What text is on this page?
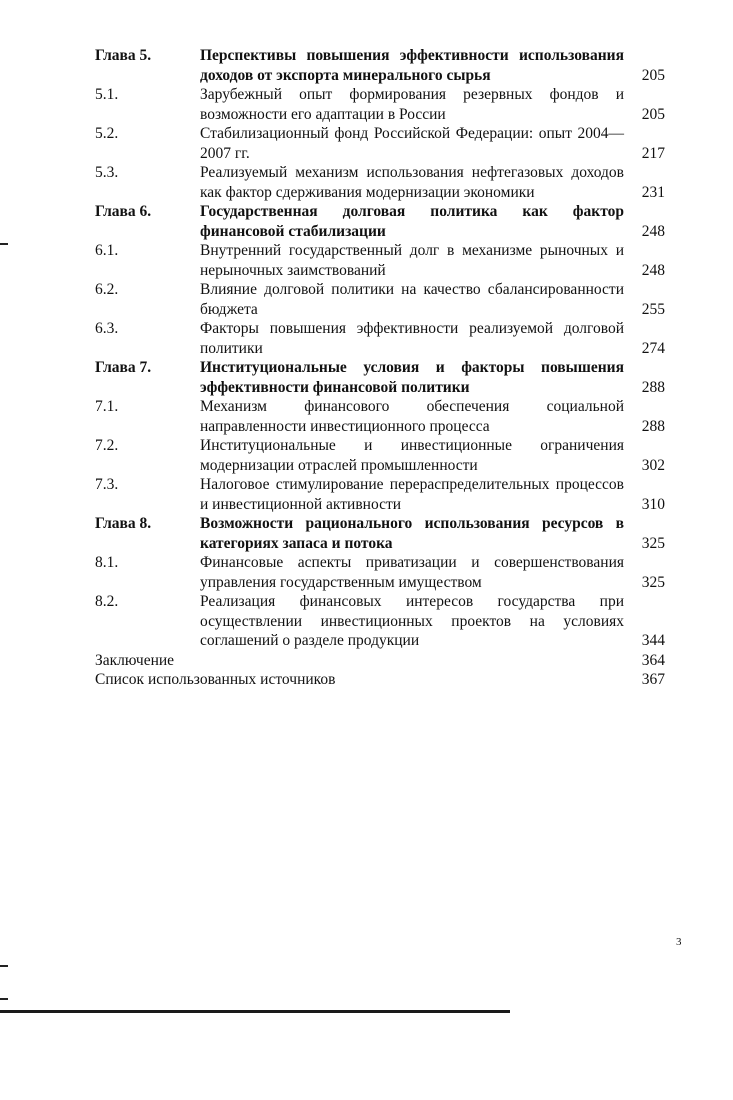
Глава 5.	Перспективы повышения эффективности использования доходов от экспорта минерального сырья	205
5.1.	Зарубежный опыт формирования резервных фондов и возможности его адаптации в России	205
5.2.	Стабилизационный фонд Российской Федерации: опыт 2004—2007 гг.	217
5.3.	Реализуемый механизм использования нефтегазовых доходов как фактор сдерживания модернизации экономики	231
Глава 6.	Государственная долговая политика как фактор финансовой стабилизации	248
6.1.	Внутренний государственный долг в механизме рыночных и нерыночных заимствований	248
6.2.	Влияние долговой политики на качество сбалансированности бюджета	255
6.3.	Факторы повышения эффективности реализуемой долговой политики	274
Глава 7.	Институциональные условия и факторы повышения эффективности финансовой политики	288
7.1.	Механизм финансового обеспечения социальной направленности инвестиционного процесса	288
7.2.	Институциональные и инвестиционные ограничения модернизации отраслей промышленности	302
7.3.	Налоговое стимулирование перераспределительных процессов и инвестиционной активности	310
Глава 8.	Возможности рационального использования ресурсов в категориях запаса и потока	325
8.1.	Финансовые аспекты приватизации и совершенствования управления государственным имуществом	325
8.2.	Реализация финансовых интересов государства при осуществлении инвестиционных проектов на условиях соглашений о разделе продукции	344
Заключение	364
Список использованных источников	367
3
